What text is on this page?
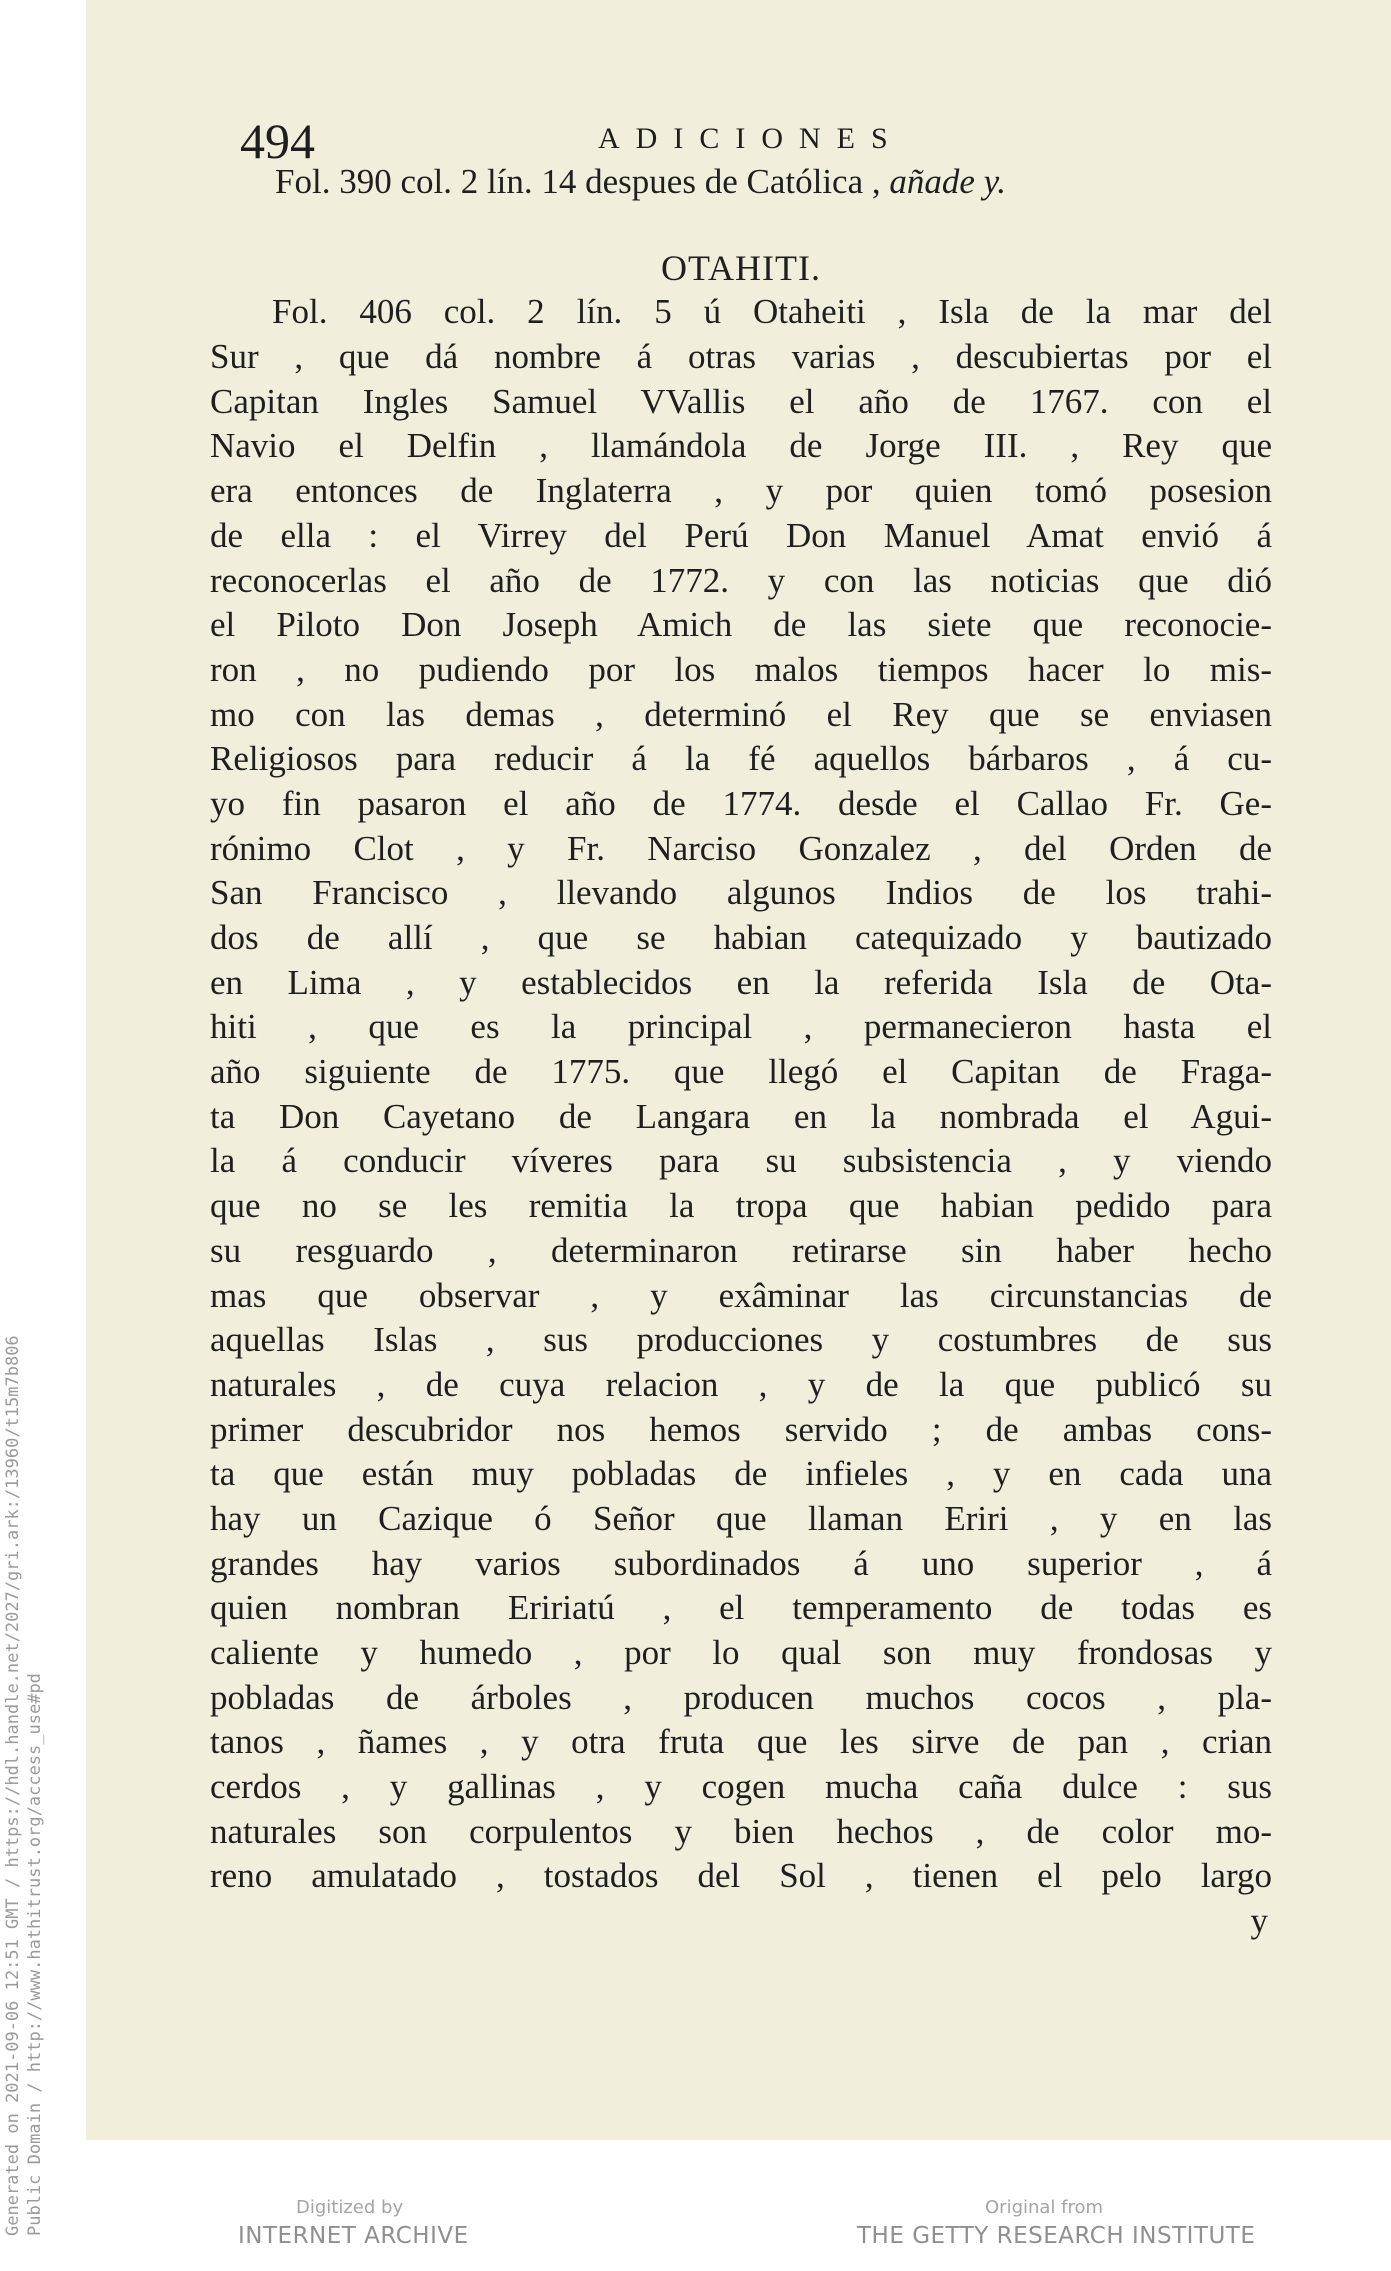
494	ADICIONES
Fol. 390 col. 2 lín. 14 despues de Católica , añade y.
OTAHITI.
Fol. 406 col. 2 lín. 5 ú Otaheiti , Isla de la mar del
Sur , que dá nombre á otras varias , descubiertas por el
Capitan Ingles Samuel VVallis el año de 1767. con el
Navio el Delfin , llamándola de Jorge III. , Rey que
era entonces de Inglaterra , y por quien tomó posesion
de ella : el Virrey del Perú Don Manuel Amat envió á
reconocerlas el año de 1772. y con las noticias que dió
el Piloto Don Joseph Amich de las siete que reconocie-
ron , no pudiendo por los malos tiempos hacer lo mis-
mo con las demas , determinó el Rey que se enviasen
Religiosos para reducir á la fé aquellos bárbaros , á cu-
yo fin pasaron el año de 1774. desde el Callao Fr. Ge-
rónimo Clot , y Fr. Narciso Gonzalez , del Orden de
San Francisco , llevando algunos Indios de los trahi-
dos de allí , que se habian catequizado y bautizado
en Lima , y establecidos en la referida Isla de Ota-
hiti , que es la principal , permanecieron hasta el
año siguiente de 1775. que llegó el Capitan de Fraga-
ta Don Cayetano de Langara en la nombrada el Agui-
la á conducir víveres para su subsistencia , y viendo
que no se les remitia la tropa que habian pedido para
su resguardo , determinaron retirarse sin haber hecho
mas que observar , y exâminar las circunstancias de
aquellas Islas , sus producciones y costumbres de sus
naturales , de cuya relacion , y de la que publicó su
primer descubridor nos hemos servido ; de ambas cons-
ta que están muy pobladas de infieles , y en cada una
hay un Cazique ó Señor que llaman Eriri , y en las
grandes hay varios subordinados á uno superior , á
quien nombran Eririatú , el temperamento de todas es
caliente y humedo , por lo qual son muy frondosas y
pobladas de árboles , producen muchos cocos , pla-
tanos , ñames , y otra fruta que les sirve de pan , crian
cerdos , y gallinas , y cogen mucha caña dulce : sus
naturales son corpulentos y bien hechos , de color mo-
reno amulatado , tostados del Sol , tienen el pelo largo
y
Generated on 2021-09-06 12:51 GMT / https://hdl.handle.net/2027/gri.ark:/13960/t15m7b806 Public Domain / http://www.hathitrust.org/access_use#pd	Digitized by
INTERNET ARCHIVE
Original from
THE GETTY RESEARCH INSTITUTE
